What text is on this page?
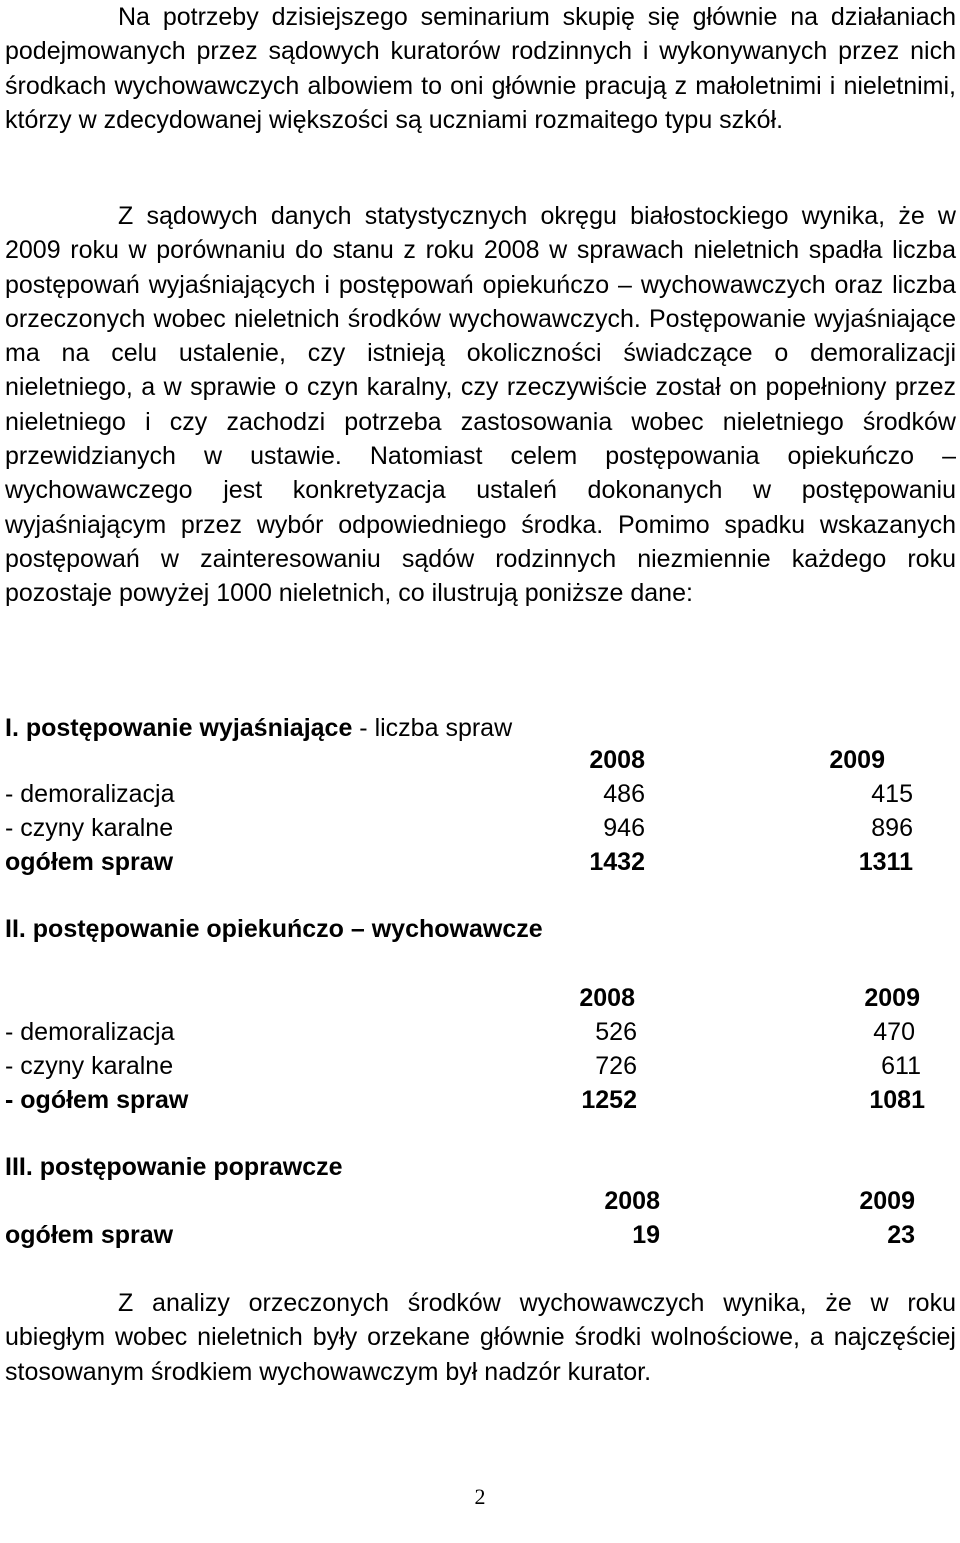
Na potrzeby dzisiejszego seminarium skupię się głównie na działaniach podejmowanych przez sądowych kuratorów rodzinnych i wykonywanych przez nich środkach wychowawczych albowiem to oni głównie pracują z małoletnimi i nieletnimi, którzy w zdecydowanej większości są uczniami rozmaitego typu szkół.

Z sądowych danych statystycznych okręgu białostockiego wynika, że w 2009 roku w porównaniu do stanu z roku 2008 w sprawach nieletnich spadła liczba postępowań wyjaśniających i postępowań opiekuńczo – wychowawczych oraz liczba orzeczonych wobec nieletnich środków wychowawczych. Postępowanie wyjaśniające ma na celu ustalenie, czy istnieją okoliczności świadczące o demoralizacji nieletniego, a w sprawie o czyn karalny, czy rzeczywiście został on popełniony przez nieletniego i czy zachodzi potrzeba zastosowania wobec nieletniego środków przewidzianych w ustawie. Natomiast celem postępowania opiekuńczo – wychowawczego jest konkretyzacja ustaleń dokonanych w postępowaniu wyjaśniającym przez wybór odpowiedniego środka. Pomimo spadku wskazanych postępowań w zainteresowaniu sądów rodzinnych niezmiennie każdego roku pozostaje powyżej 1000 nieletnich, co ilustrują poniższe dane:

I. postępowanie wyjaśniające - liczba spraw
2008	2009
- demoralizacja	486	415
- czyny karalne	946	896
ogółem spraw	1432	1311
II. postępowanie opiekuńczo – wychowawcze
2008	2009
- demoralizacja	526	470
- czyny karalne	726	611
- ogółem spraw	1252	1081
III. postępowanie poprawcze
2008	2009
ogółem spraw	19	23

Z analizy orzeczonych środków wychowawczych wynika, że w roku ubiegłym wobec nieletnich były orzekane głównie środki wolnościowe, a najczęściej stosowanym środkiem wychowawczym był nadzór kurator.

2
